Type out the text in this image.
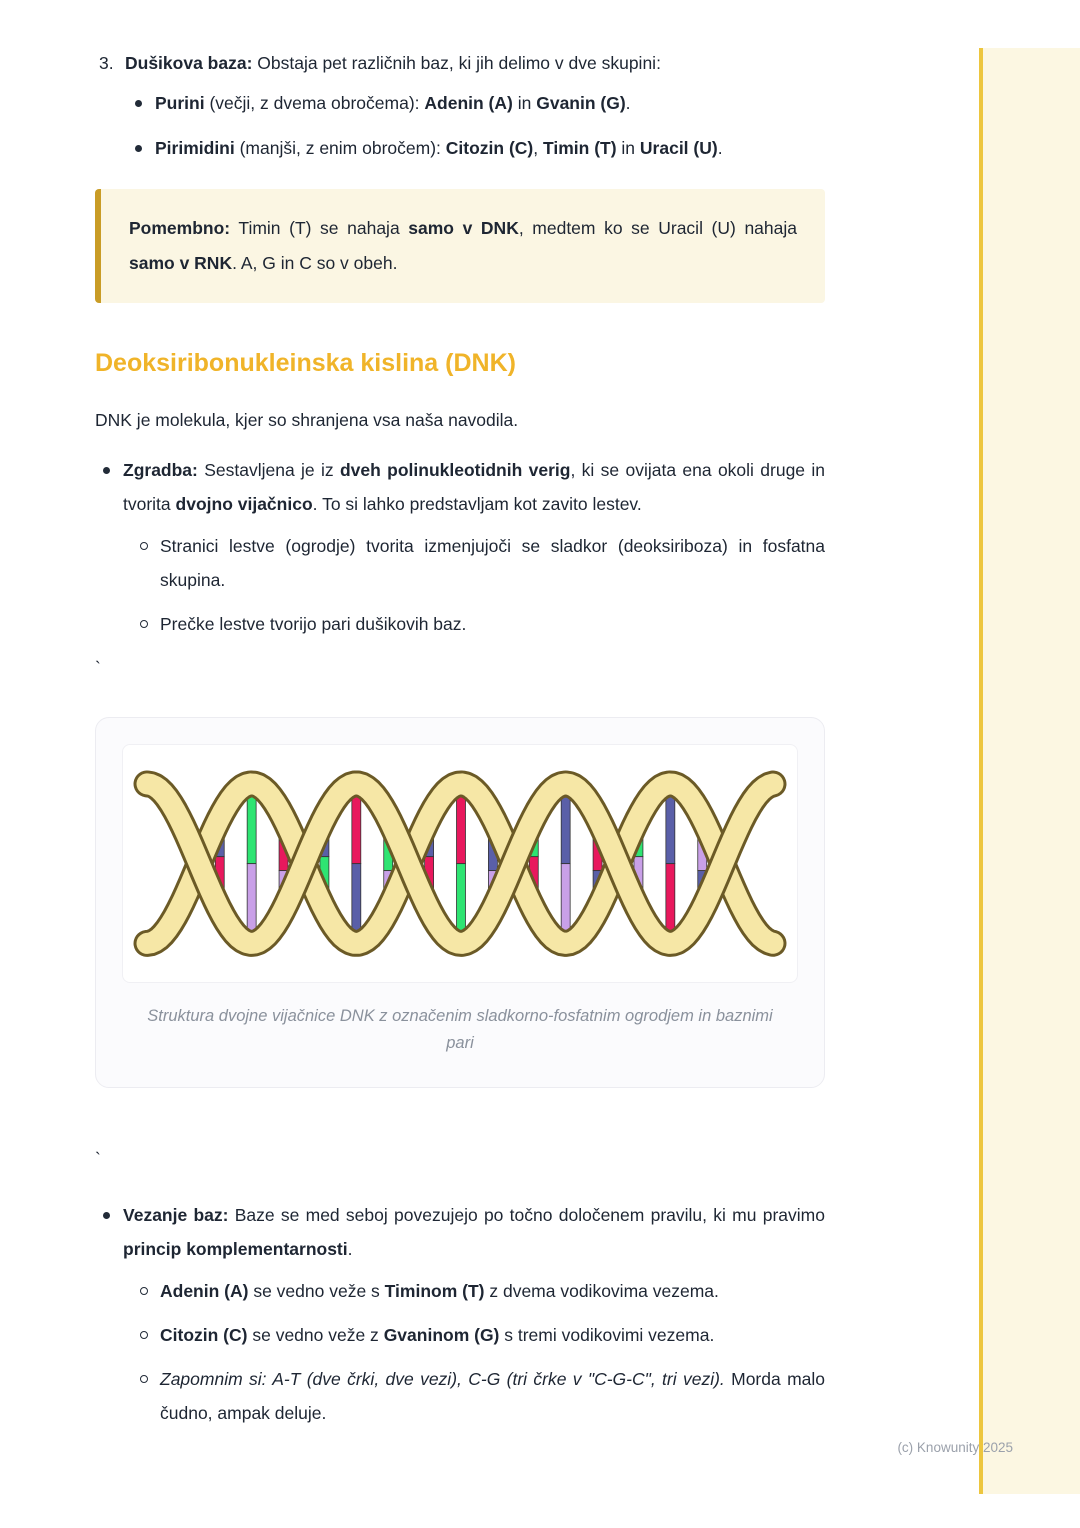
3. Dušikova baza: Obstaja pet različnih baz, ki jih delimo v dve skupini:

Purini (večji, z dvema obročema): Adenin (A) in Gvanin (G).

Pirimidini (manjši, z enim obročem): Citozin (C), Timin (T) in Uracil (U).

Pomembno: Timin (T) se nahaja samo v DNK, medtem ko se Uracil (U) nahaja samo v RNK. A, G in C so v obeh.

Deoksiribonukleinska kislina (DNK)

DNK je molekula, kjer so shranjena vsa naša navodila.

Zgradba: Sestavljena je iz dveh polinukleotidnih verig, ki se ovijata ena okoli druge in tvorita dvojno vijačnico. To si lahko predstavljam kot zavito lestev.

Stranici lestve (ogrodje) tvorita izmenjujoči se sladkor (deoksiriboza) in fosfatna skupina.

Prečke lestve tvorijo pari dušikovih baz.

`

Struktura dvojne vijačnice DNK z označenim sladkorno-fosfatnim ogrodjem in baznimi pari

`

Vezanje baz: Baze se med seboj povezujejo po točno določenem pravilu, ki mu pravimo princip komplementarnosti.

Adenin (A) se vedno veže s Timinom (T) z dvema vodikovima vezema.

Citozin (C) se vedno veže z Gvaninom (G) s tremi vodikovimi vezema.

Zapomnim si: A-T (dve črki, dve vezi), C-G (tri črke v "C-G-C", tri vezi). Morda malo čudno, ampak deluje.

(c) Knowunity 2025
